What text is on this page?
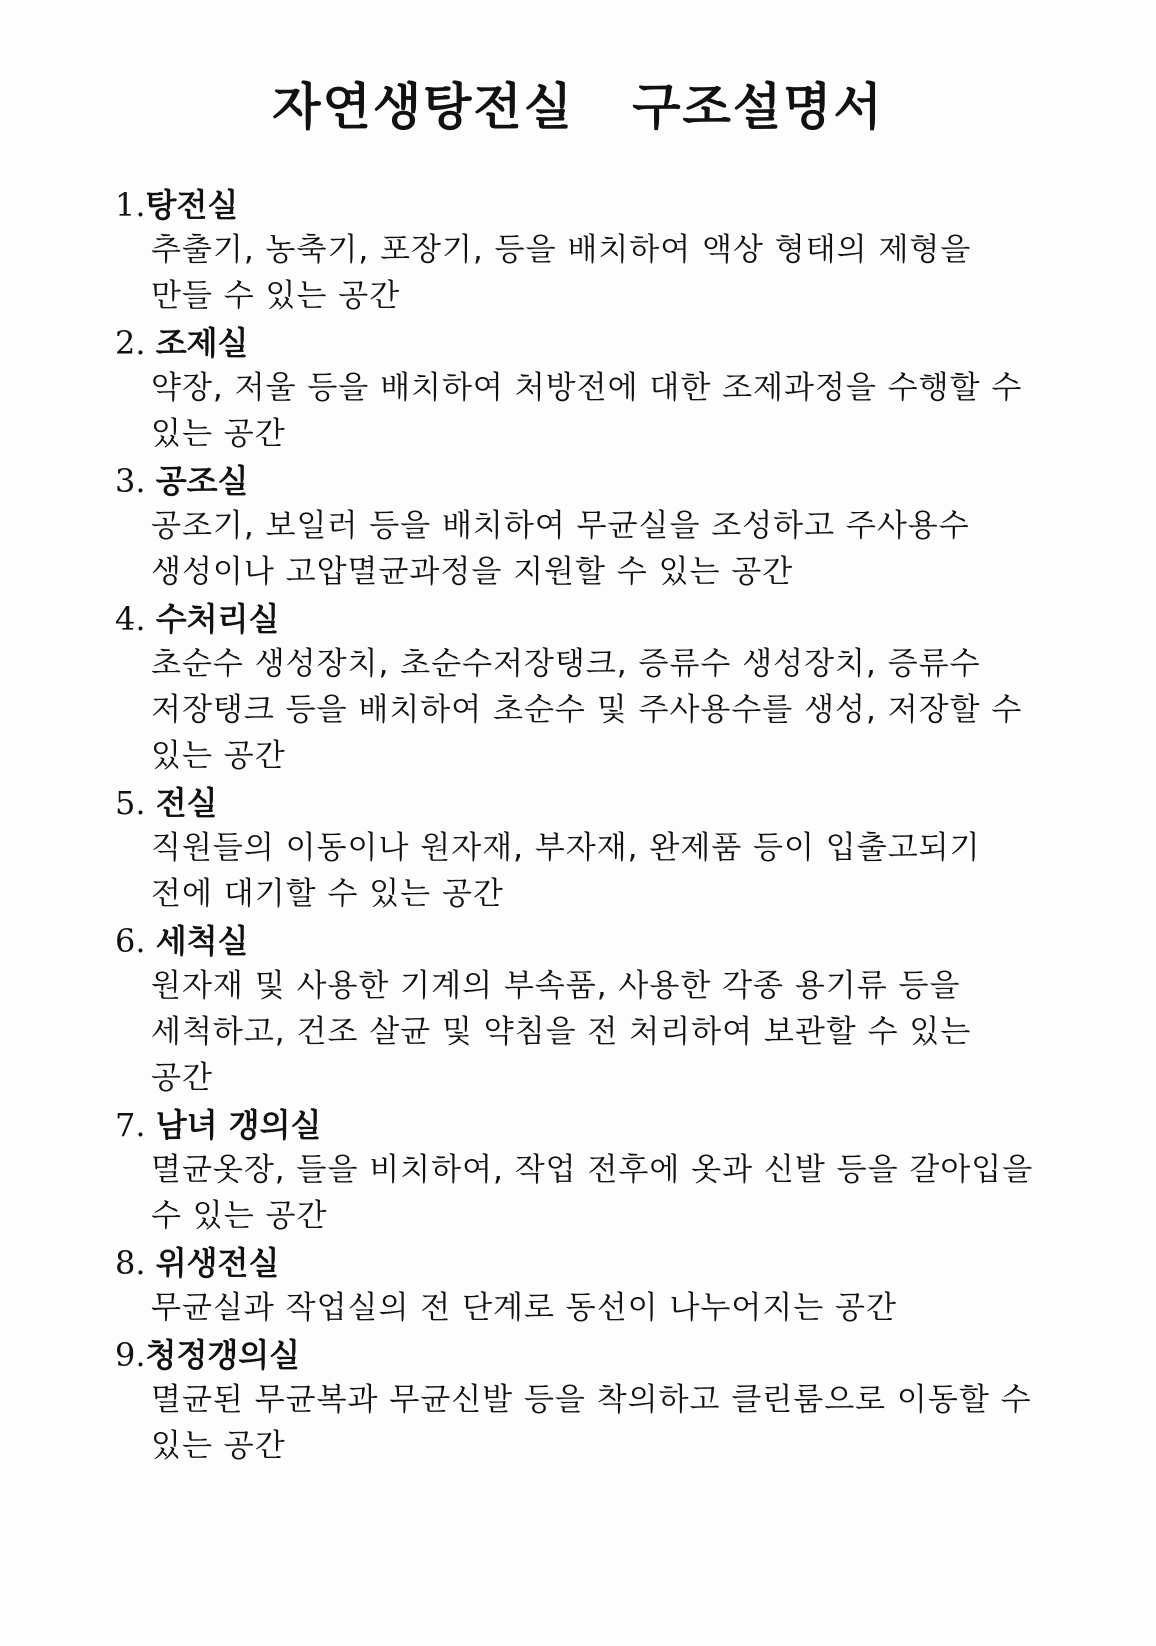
자연생탕전실   구조설명서
1.탕전실

추출기, 농축기, 포장기, 등을 배치하여 액상 형태의 제형을 만들 수 있는 공간

2. 조제실

약장, 저울 등을 배치하여 처방전에 대한 조제과정을 수행할 수 있는 공간

3. 공조실

공조기, 보일러 등을 배치하여 무균실을 조성하고 주사용수 생성이나 고압멸균과정을 지원할 수 있는 공간

4. 수처리실

초순수 생성장치, 초순수저장탱크, 증류수 생성장치, 증류수 저장탱크 등을 배치하여 초순수 및 주사용수를 생성, 저장할 수 있는 공간

5. 전실

직원들의 이동이나 원자재, 부자재, 완제품 등이 입출고되기 전에 대기할 수 있는 공간

6. 세척실

원자재 및 사용한 기계의 부속품, 사용한 각종 용기류 등을 세척하고, 건조 살균 및 약침을 전 처리하여 보관할 수 있는 공간

7. 남녀 갱의실

멸균옷장, 들을 비치하여, 작업 전후에 옷과 신발 등을 갈아입을 수 있는 공간

8. 위생전실

무균실과 작업실의 전 단계로 동선이 나누어지는 공간

9.청정갱의실

멸균된 무균복과 무균신발 등을 착의하고 클린룸으로 이동할 수 있는 공간
